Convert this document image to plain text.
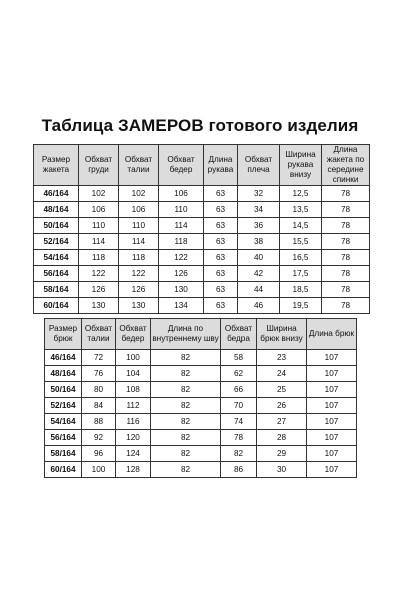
Таблица ЗАМЕРОВ готового изделия
Размер жакета	Обхват груди	Обхват талии	Обхват бедер	Длина рукава	Обхват плеча	Ширина рукава внизу	Длина жакета по середине спинки
46/164	102	102	106	63	32	12,5	78
48/164	106	106	110	63	34	13,5	78
50/164	110	110	114	63	36	14,5	78
52/164	114	114	118	63	38	15,5	78
54/164	118	118	122	63	40	16,5	78
56/164	122	122	126	63	42	17,5	78
58/164	126	126	130	63	44	18,5	78
60/164	130	130	134	63	46	19,5	78
Размер брюк	Обхват талии	Обхват бедер	Длина по внутреннему шву	Обхват бедра	Ширина брюк внизу	Длина брюк
46/164	72	100	82	58	23	107
48/164	76	104	82	62	24	107
50/164	80	108	82	66	25	107
52/164	84	112	82	70	26	107
54/164	88	116	82	74	27	107
56/164	92	120	82	78	28	107
58/164	96	124	82	82	29	107
60/164	100	128	82	86	30	107
